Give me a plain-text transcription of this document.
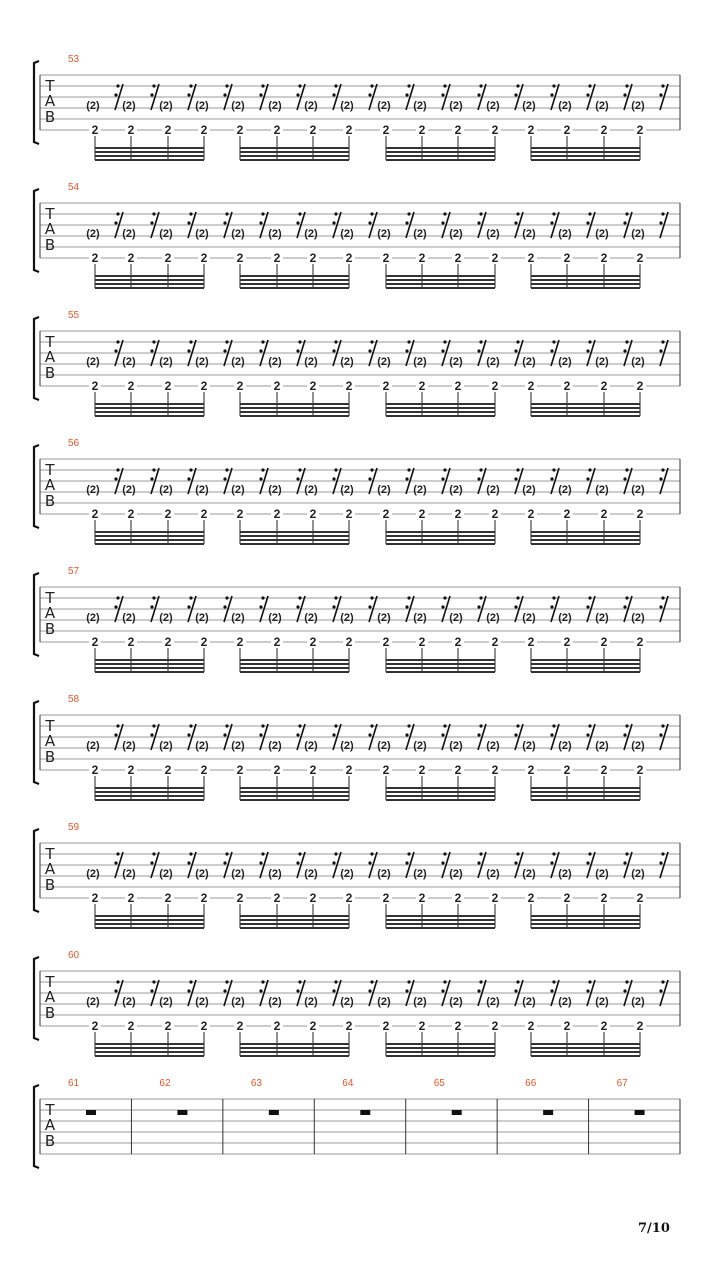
T
A
B
53
(2)
2
(2)
2
(2)
2
(2)
2
(2)
2
(2)
2
(2)
2
(2)
2
(2)
2
(2)
2
(2)
2
(2)
2
(2)
2
(2)
2
(2)
2
(2)
2
T
A
B
54
(2)
2
(2)
2
(2)
2
(2)
2
(2)
2
(2)
2
(2)
2
(2)
2
(2)
2
(2)
2
(2)
2
(2)
2
(2)
2
(2)
2
(2)
2
(2)
2
T
A
B
55
(2)
2
(2)
2
(2)
2
(2)
2
(2)
2
(2)
2
(2)
2
(2)
2
(2)
2
(2)
2
(2)
2
(2)
2
(2)
2
(2)
2
(2)
2
(2)
2
T
A
B
56
(2)
2
(2)
2
(2)
2
(2)
2
(2)
2
(2)
2
(2)
2
(2)
2
(2)
2
(2)
2
(2)
2
(2)
2
(2)
2
(2)
2
(2)
2
(2)
2
T
A
B
57
(2)
2
(2)
2
(2)
2
(2)
2
(2)
2
(2)
2
(2)
2
(2)
2
(2)
2
(2)
2
(2)
2
(2)
2
(2)
2
(2)
2
(2)
2
(2)
2
T
A
B
58
(2)
2
(2)
2
(2)
2
(2)
2
(2)
2
(2)
2
(2)
2
(2)
2
(2)
2
(2)
2
(2)
2
(2)
2
(2)
2
(2)
2
(2)
2
(2)
2
T
A
B
59
(2)
2
(2)
2
(2)
2
(2)
2
(2)
2
(2)
2
(2)
2
(2)
2
(2)
2
(2)
2
(2)
2
(2)
2
(2)
2
(2)
2
(2)
2
(2)
2
T
A
B
60
(2)
2
(2)
2
(2)
2
(2)
2
(2)
2
(2)
2
(2)
2
(2)
2
(2)
2
(2)
2
(2)
2
(2)
2
(2)
2
(2)
2
(2)
2
(2)
2
T
A
B
61	62	63	64	65	66	67
7/10
